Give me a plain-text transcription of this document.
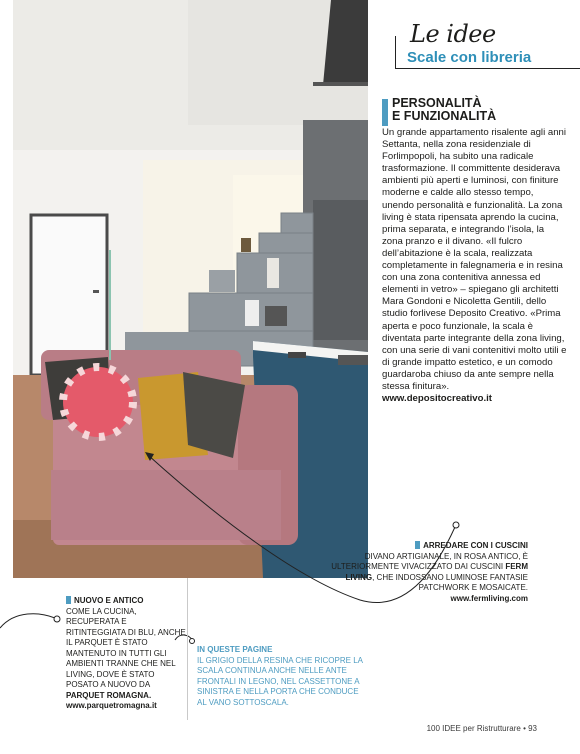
Le idee
Scale con libreria
PERSONALITÀ
E FUNZIONALITÀ
Un grande appartamento risalente agli anni Settanta, nella zona residenziale di Forlimpopoli, ha subito una radicale trasformazione. Il committente desiderava ambienti più aperti e luminosi, con finiture moderne e calde allo stesso tempo, unendo personalità e funzionalità. La zona living è stata ripensata aprendo la cucina, prima separata, e integrando l’isola, la zona pranzo e il divano. «Il fulcro dell’abitazione è la scala, realizzata completamente in falegnameria e in resina con una zona contenitiva annessa ed elementi in vetro» – spiegano gli architetti Mara Gondoni e Nicoletta Gentili, dello studio forlivese Deposito Creativo. «Prima aperta e poco funzionale, la scala è diventata parte integrante della zona living, con una serie di vani contenitivi molto utili e di grande impatto estetico, e un comodo guardaroba chiuso da ante sempre nella stessa finitura».
www.depositocreativo.it
ARREDARE CON I CUSCINI
DIVANO ARTIGIANALE, IN ROSA ANTICO, È ULTERIORMENTE VIVACIZZATO DAI CUSCINI FERM LIVING, CHE INDOSSANO LUMINOSE FANTASIE PATCHWORK E MOSAICATE.
www.fermliving.com
NUOVO E ANTICO
COME LA CUCINA, RECUPERATA E RITINTEGGIATA DI BLU, ANCHE IL PARQUET È STATO MANTENUTO IN TUTTI GLI AMBIENTI TRANNE CHE NEL LIVING, DOVE È STATO POSATO A NUOVO DA PARQUET ROMAGNA.
www.parquetromagna.it
IN QUESTE PAGINE
IL GRIGIO DELLA RESINA CHE RICOPRE LA SCALA CONTINUA ANCHE NELLE ANTE FRONTALI IN LEGNO, NEL CASSETTONE A SINISTRA E NELLA PORTA CHE CONDUCE AL VANO SOTTOSCALA.
100 IDEE per Ristrutturare • 93
